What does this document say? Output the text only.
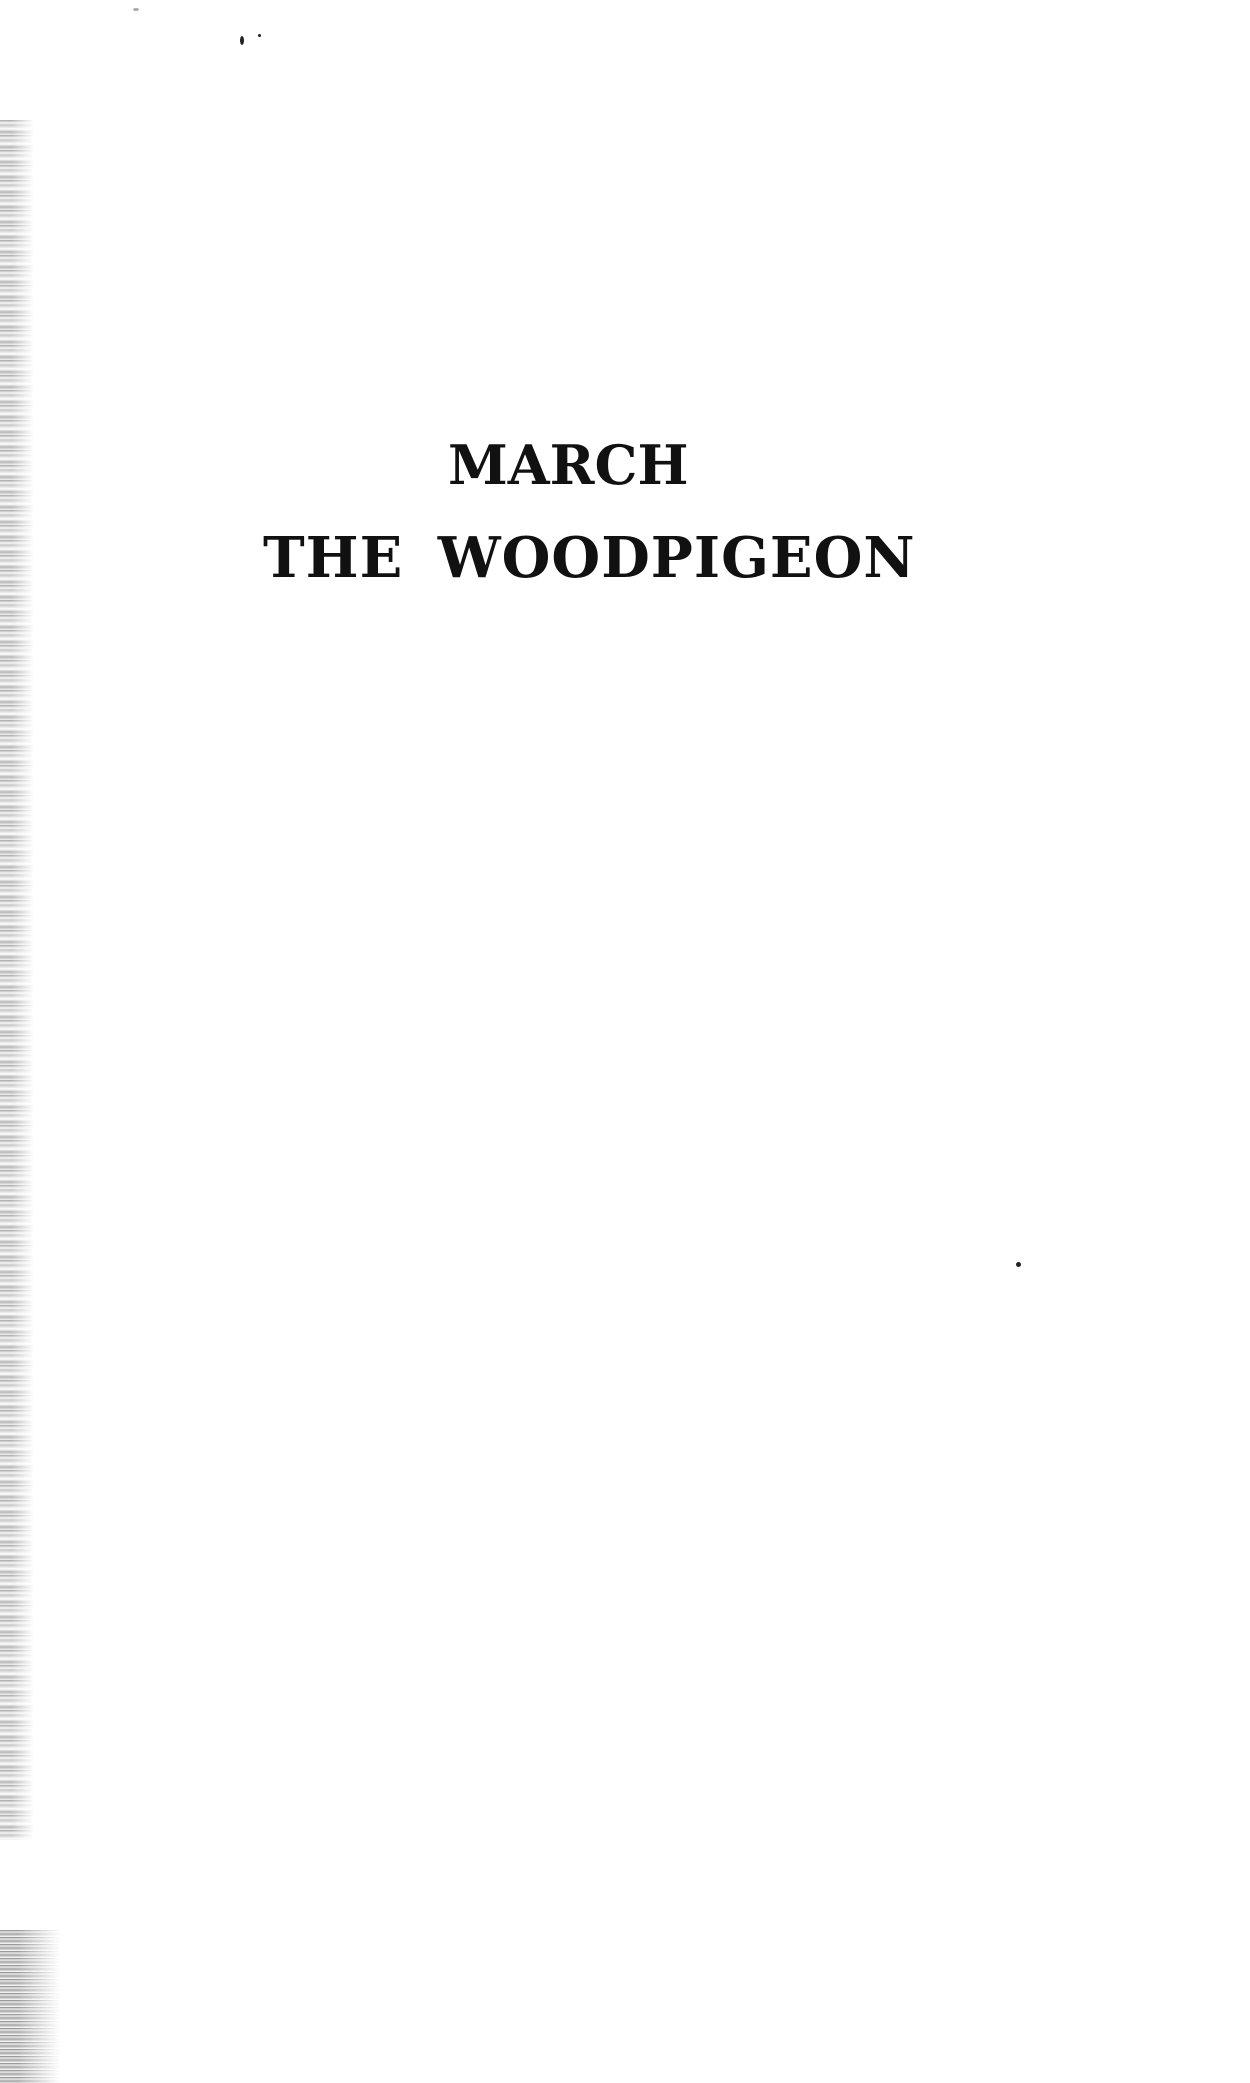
MARCH
THE WOODPIGEON
